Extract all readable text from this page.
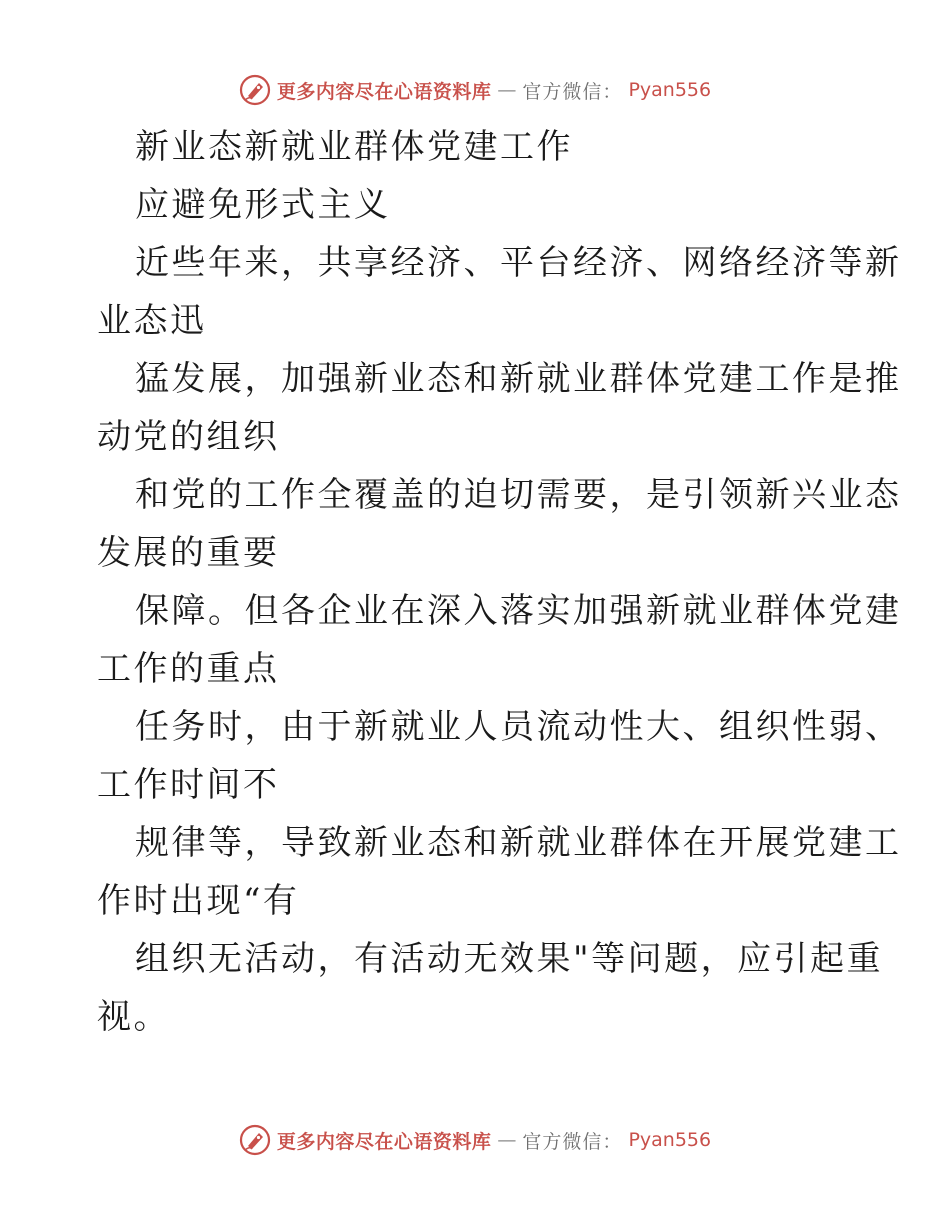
更多内容尽在心语资料库 — 官方微信： Pyan556

新业态新就业群体党建工作

应避免形式主义

近些年来，共享经济、平台经济、网络经济等新

业态迅

猛发展，加强新业态和新就业群体党建工作是推

动党的组织

和党的工作全覆盖的迫切需要，是引领新兴业态

发展的重要

保障。但各企业在深入落实加强新就业群体党建

工作的重点

任务时，由于新就业人员流动性大、组织性弱、

工作时间不

规律等，导致新业态和新就业群体在开展党建工

作时出现“有

组织无活动，有活动无效果"等问题，应引起重

视。

更多内容尽在心语资料库 — 官方微信： Pyan556
